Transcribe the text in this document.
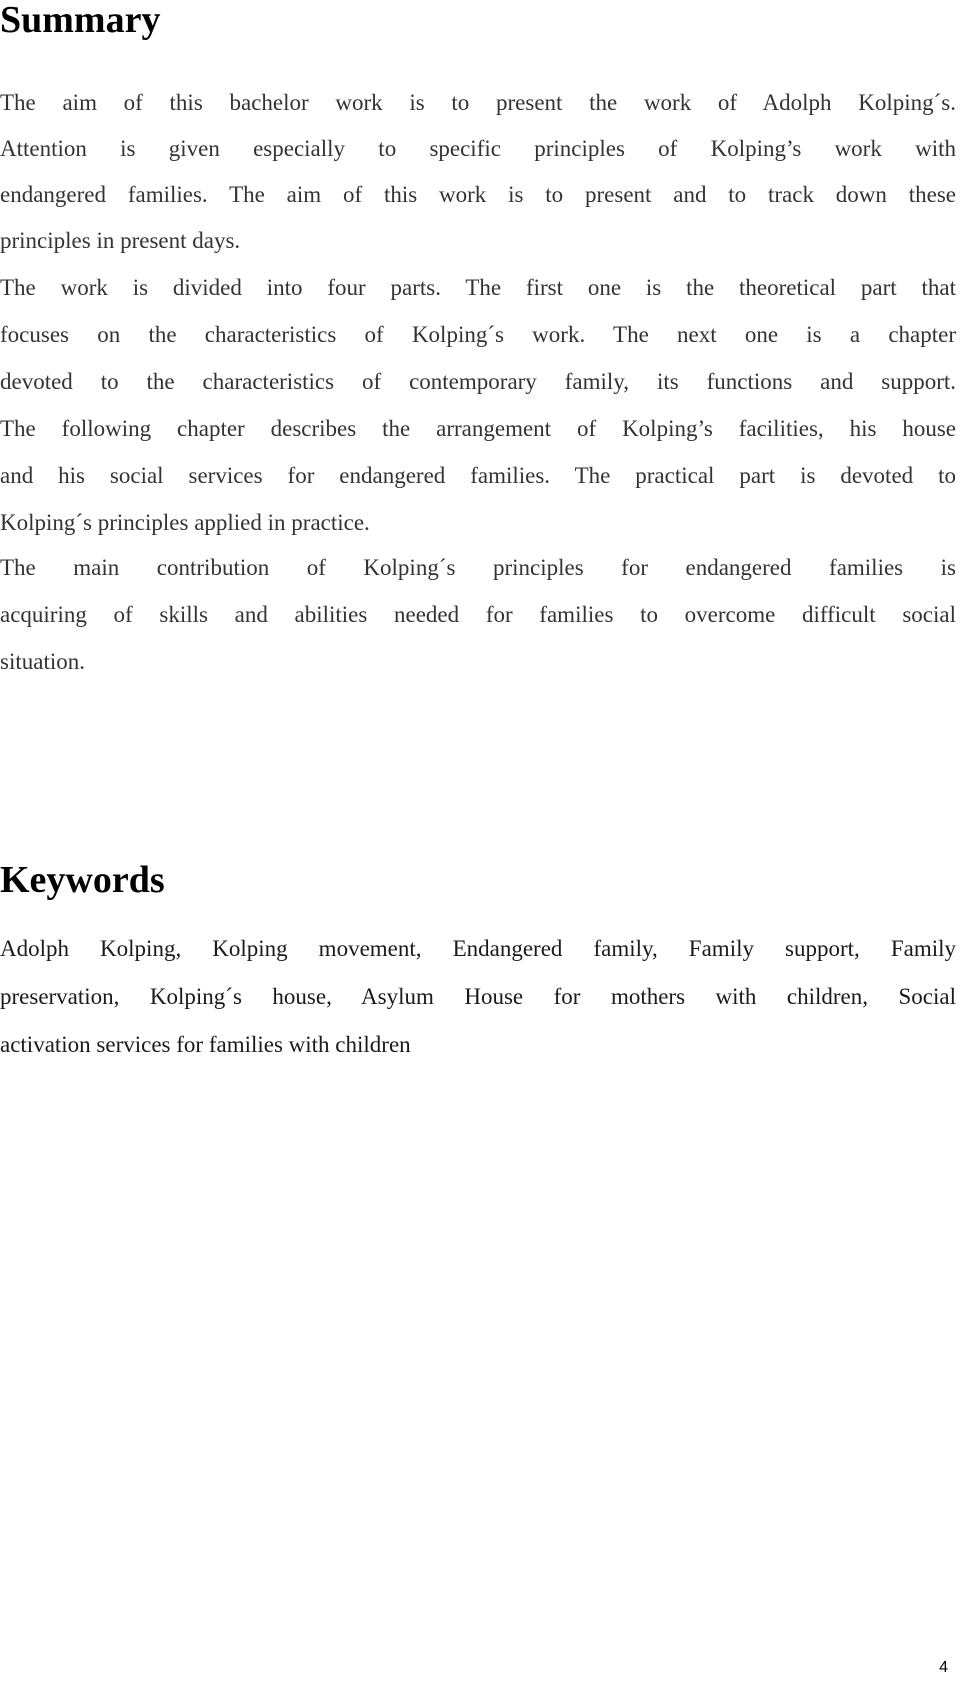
Summary
The aim of this bachelor work is to present the work of Adolph Kolping´s.
Attention is given especially to specific principles of Kolping’s work with
endangered families. The aim of this work is to present and to track down these
principles in present days.
The work is divided into four parts. The first one is the theoretical part that
focuses on the characteristics of Kolping´s work. The next one is a chapter
devoted to the characteristics of contemporary family, its functions and support.
The following chapter describes the arrangement of Kolping’s facilities, his house
and his social services for endangered families. The practical part is devoted to
Kolping´s principles applied in practice.
The main contribution of Kolping´s principles for endangered families is
acquiring of skills and abilities needed for families to overcome difficult social
situation.
Keywords
Adolph Kolping, Kolping movement, Endangered family, Family support, Family
preservation, Kolping´s house, Asylum House for mothers with children, Social
activation services for families with children
4
